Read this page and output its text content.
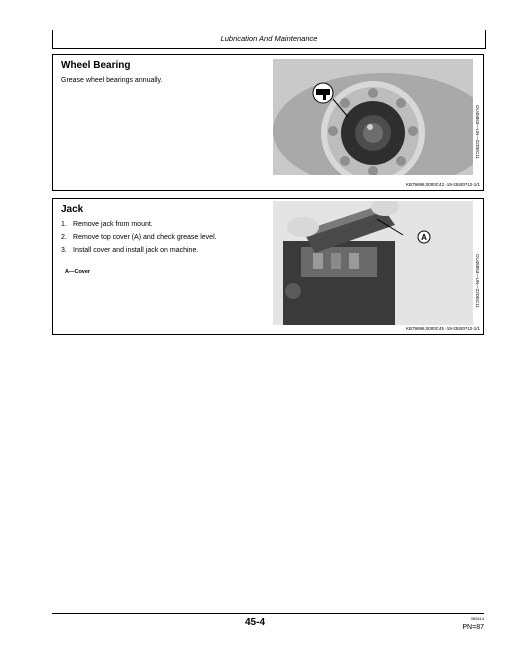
Lubrication And Maintenance
Wheel Bearing
Grease wheel bearings annually.
OU45863—UN—22DEC11
KB79698,0000C43 -19-25SEP12-1/1
Jack
1. Remove jack from mount.
2. Remove top cover (A) and check grease level.
3. Install cover and install jack on machine.
A—Cover
A
OU45853—UN—22DEC11
KB79698,0000C45 -19-25SEP12-1/1
45-4	060414
PN=87
